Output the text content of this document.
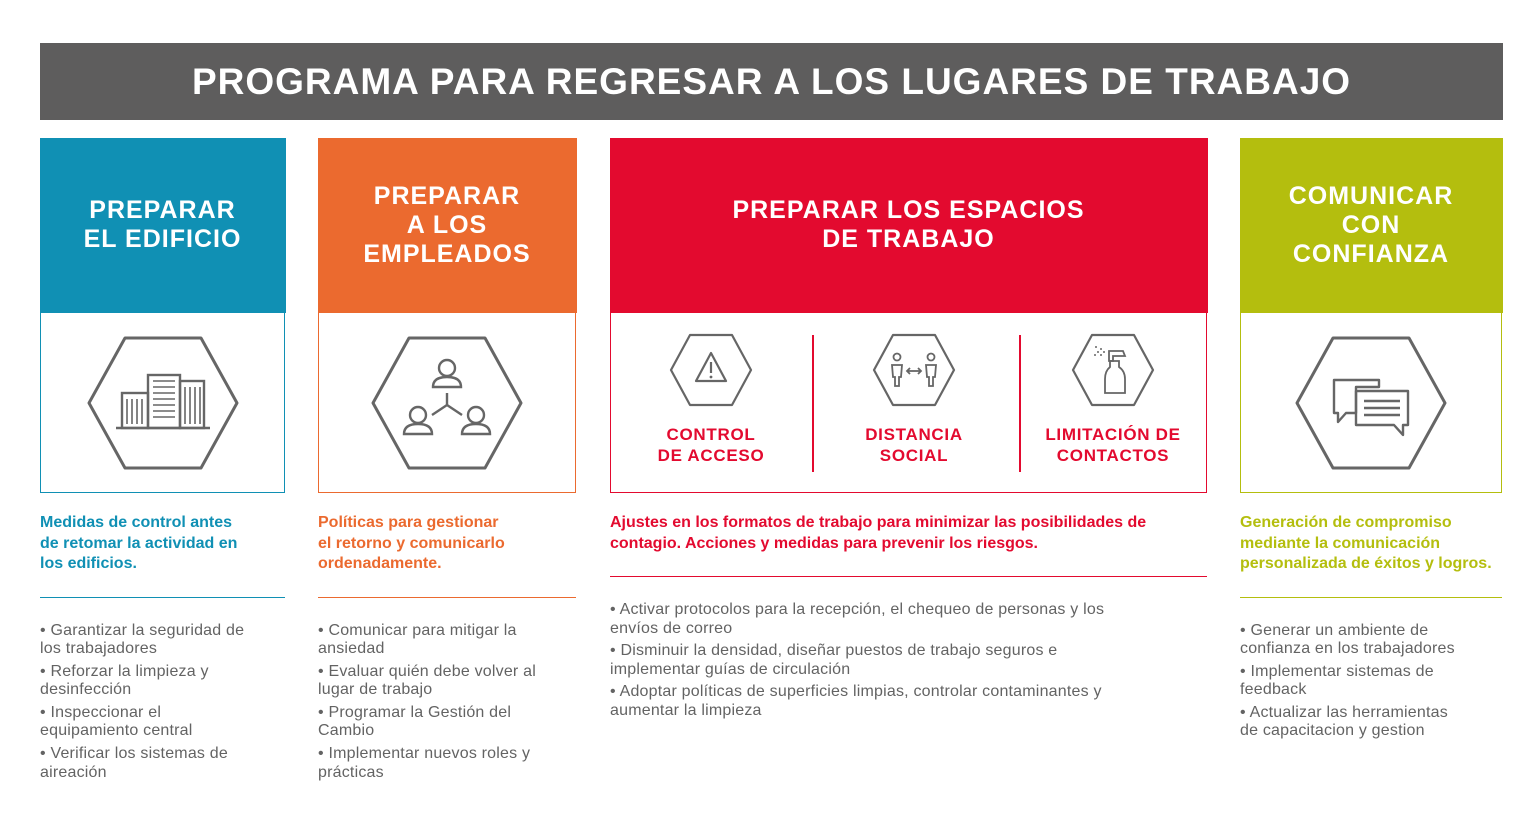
PROGRAMA PARA REGRESAR A LOS LUGARES DE TRABAJO
PREPARAR
EL EDIFICIO
Medidas de control antes
de retomar la actividad en
los edificios.
• Garantizar la seguridad de
los trabajadores
• Reforzar la limpieza y
desinfección
• Inspeccionar el
equipamiento central
• Verificar los sistemas de
aireación
PREPARAR
A LOS
EMPLEADOS
Políticas para gestionar
el retorno y comunicarlo
ordenadamente.
• Comunicar para mitigar la
ansiedad
• Evaluar quién debe volver al
lugar de trabajo
• Programar la Gestión del
Cambio
• Implementar nuevos roles y
prácticas
PREPARAR LOS ESPACIOS
DE TRABAJO
CONTROL
DE ACCESO
DISTANCIA
SOCIAL
LIMITACIÓN DE
CONTACTOS
Ajustes en los formatos de trabajo para minimizar las posibilidades de
contagio. Acciones y medidas para prevenir los riesgos.
• Activar protocolos para la recepción, el chequeo de personas y los
envíos de correo
• Disminuir la densidad, diseñar puestos de trabajo seguros e
implementar guías de circulación
• Adoptar políticas de superficies limpias, controlar contaminantes y
aumentar la limpieza
COMUNICAR
CON
CONFIANZA
Generación de compromiso
mediante la comunicación
personalizada de éxitos y logros.
• Generar un ambiente de
confianza en los trabajadores
• Implementar sistemas de
feedback
• Actualizar las herramientas
de capacitacion y gestion
